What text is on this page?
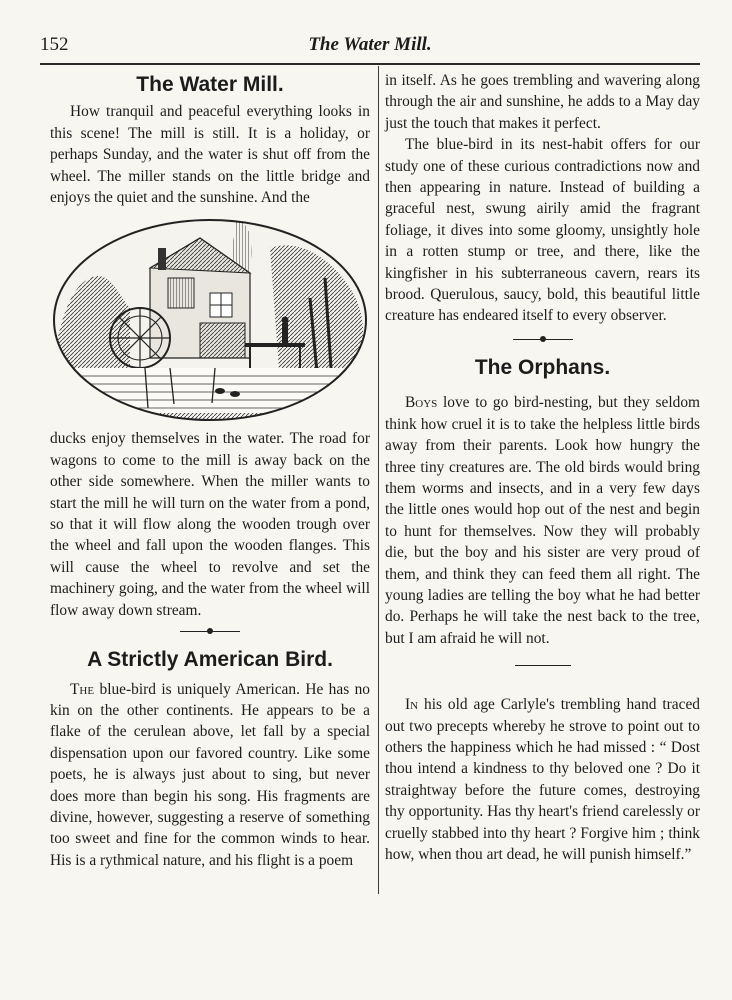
152	The Water Mill.
The Water Mill.

How tranquil and peaceful everything looks in this scene! The mill is still. It is a holiday, or perhaps Sunday, and the water is shut off from the wheel. The miller stands on the little bridge and enjoys the quiet and the sunshine. And the

ducks enjoy themselves in the water. The road for wagons to come to the mill is away back on the other side somewhere. When the miller wants to start the mill he will turn on the water from a pond, so that it will flow along the wooden trough over the wheel and fall upon the wooden flanges. This will cause the wheel to revolve and set the machinery going, and the water from the wheel will flow away down stream.

A Strictly American Bird.

The blue-bird is uniquely American. He has no kin on the other continents. He appears to be a flake of the cerulean above, let fall by a special dispensation upon our favored country. Like some poets, he is always just about to sing, but never does more than begin his song. His fragments are divine, however, suggesting a reserve of something too sweet and fine for the common winds to hear. His is a rythmical nature, and his flight is a poem

in itself. As he goes trembling and wavering along through the air and sunshine, he adds to a May day just the touch that makes it perfect.

The blue-bird in its nest-habit offers for our study one of these curious contradictions now and then appearing in nature. Instead of building a graceful nest, swung airily amid the fragrant foliage, it dives into some gloomy, unsightly hole in a rotten stump or tree, and there, like the kingfisher in his subterraneous cavern, rears its brood. Querulous, saucy, bold, this beautiful little creature has endeared itself to every observer.

The Orphans.

Boys love to go bird-nesting, but they seldom think how cruel it is to take the helpless little birds away from their parents. Look how hungry the three tiny creatures are. The old birds would bring them worms and insects, and in a very few days the little ones would hop out of the nest and begin to hunt for themselves. Now they will probably die, but the boy and his sister are very proud of them, and think they can feed them all right. The young ladies are telling the boy what he had better do. Perhaps he will take the nest back to the tree, but I am afraid he will not.

In his old age Carlyle's trembling hand traced out two precepts whereby he strove to point out to others the happiness which he had missed : “ Dost thou intend a kindness to thy beloved one ? Do it straightway before the future comes, destroying thy opportunity. Has thy heart's friend carelessly or cruelly stabbed into thy heart ? Forgive him ; think how, when thou art dead, he will punish himself.”
